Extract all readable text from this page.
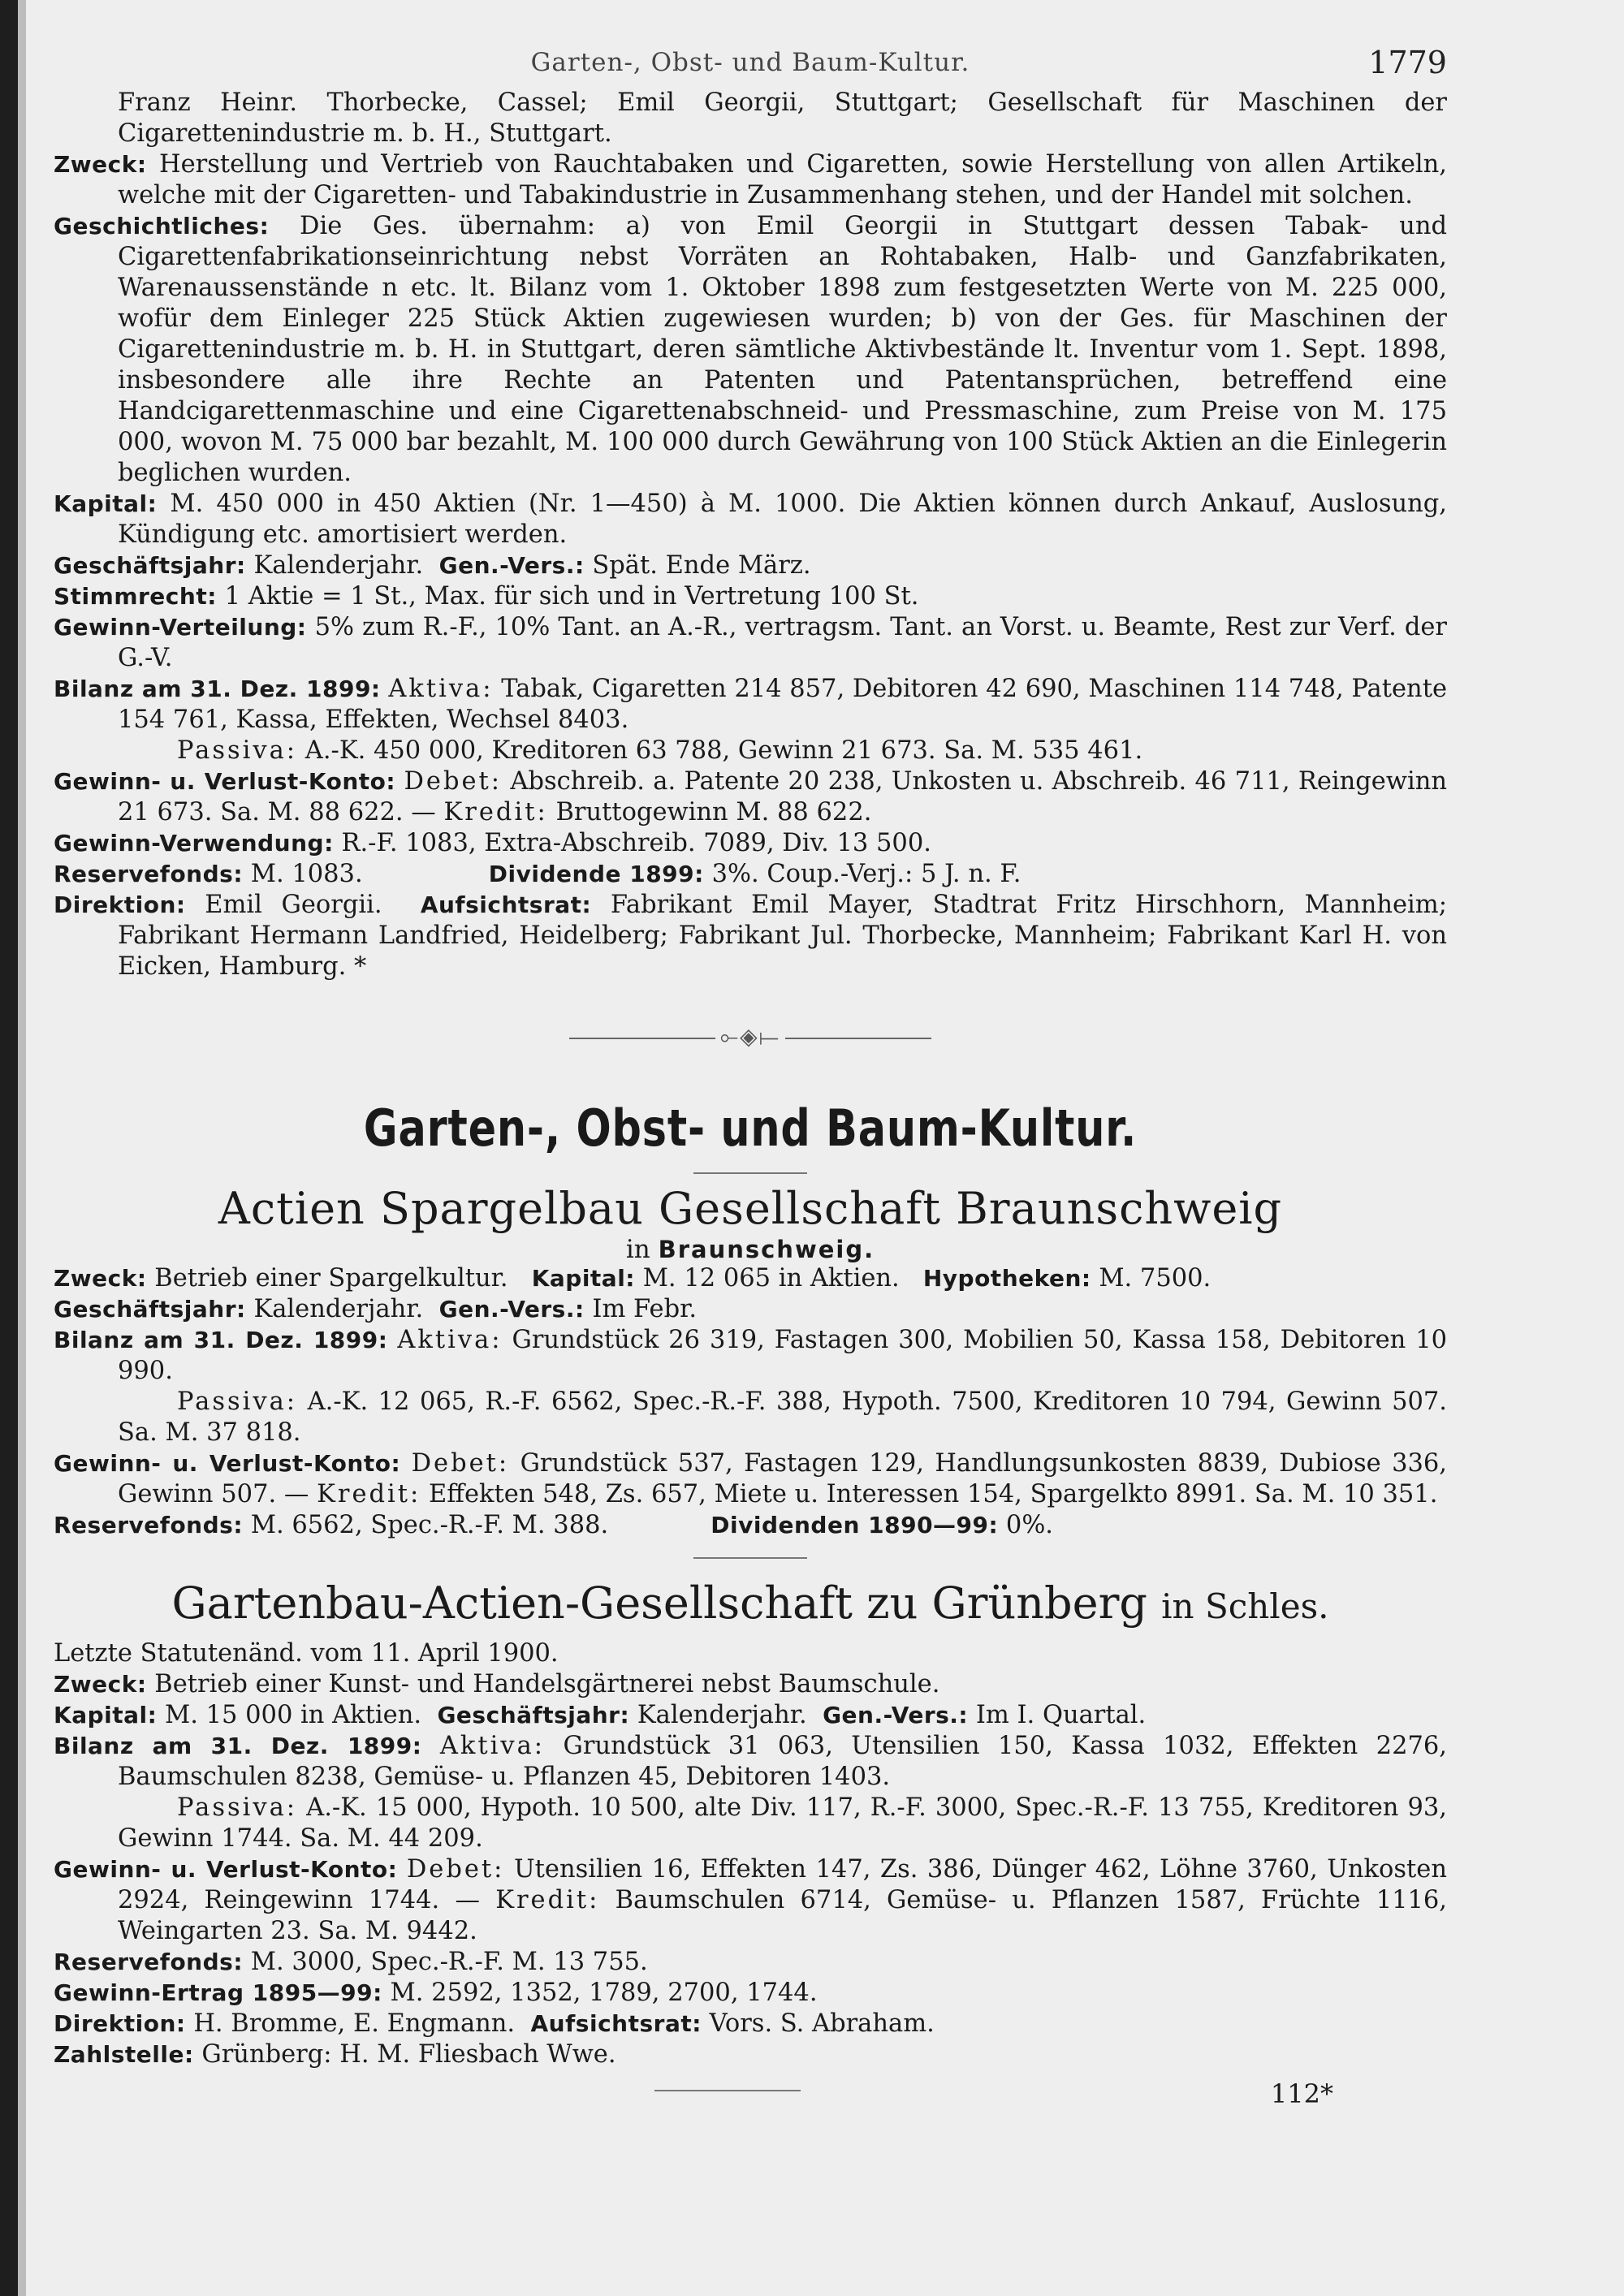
Garten-, Obst- und Baum-Kultur.	1779

Franz Heinr. Thorbecke, Cassel; Emil Georgii, Stuttgart; Gesellschaft für Maschinen der Cigarettenindustrie m. b. H., Stuttgart.

Zweck: Herstellung und Vertrieb von Rauchtabaken und Cigaretten, sowie Herstellung von allen Artikeln, welche mit der Cigaretten- und Tabakindustrie in Zusammenhang stehen, und der Handel mit solchen.

Geschichtliches: Die Ges. übernahm: a) von Emil Georgii in Stuttgart dessen Tabak- und Cigarettenfabrikationseinrichtung nebst Vorräten an Rohtabaken, Halb- und Ganzfabrikaten, Warenaussenstände n etc. lt. Bilanz vom 1. Oktober 1898 zum festgesetzten Werte von M. 225 000, wofür dem Einleger 225 Stück Aktien zugewiesen wurden; b) von der Ges. für Maschinen der Cigarettenindustrie m. b. H. in Stuttgart, deren sämtliche Aktivbestände lt. Inventur vom 1. Sept. 1898, insbesondere alle ihre Rechte an Patenten und Patentansprüchen, betreffend eine Handcigarettenmaschine und eine Cigarettenabschneid- und Pressmaschine, zum Preise von M. 175 000, wovon M. 75 000 bar bezahlt, M. 100 000 durch Gewährung von 100 Stück Aktien an die Einlegerin beglichen wurden.

Kapital: M. 450 000 in 450 Aktien (Nr. 1—450) à M. 1000. Die Aktien können durch Ankauf, Auslosung, Kündigung etc. amortisiert werden.

Geschäftsjahr: Kalenderjahr. Gen.-Vers.: Spät. Ende März.

Stimmrecht: 1 Aktie = 1 St., Max. für sich und in Vertretung 100 St.

Gewinn-Verteilung: 5% zum R.-F., 10% Tant. an A.-R., vertragsm. Tant. an Vorst. u. Beamte, Rest zur Verf. der G.-V.

Bilanz am 31. Dez. 1899: Aktiva: Tabak, Cigaretten 214 857, Debitoren 42 690, Maschinen 114 748, Patente 154 761, Kassa, Effekten, Wechsel 8403.

Passiva: A.-K. 450 000, Kreditoren 63 788, Gewinn 21 673. Sa. M. 535 461.

Gewinn- u. Verlust-Konto: Debet: Abschreib. a. Patente 20 238, Unkosten u. Abschreib. 46 711, Reingewinn 21 673. Sa. M. 88 622. — Kredit: Bruttogewinn M. 88 622.

Gewinn-Verwendung: R.-F. 1083, Extra-Abschreib. 7089, Div. 13 500.

Reservefonds: M. 1083.	Dividende 1899: 3%. Coup.-Verj.: 5 J. n. F.

Direktion: Emil Georgii. Aufsichtsrat: Fabrikant Emil Mayer, Stadtrat Fritz Hirschhorn, Mannheim; Fabrikant Hermann Landfried, Heidelberg; Fabrikant Jul. Thorbecke, Mannheim; Fabrikant Karl H. von Eicken, Hamburg. *

⟜◈⟝
Garten-, Obst- und Baum-Kultur.
Actien Spargelbau Gesellschaft Braunschweig
in Braunschweig.

Zweck: Betrieb einer Spargelkultur. Kapital: M. 12 065 in Aktien. Hypotheken: M. 7500.

Geschäftsjahr: Kalenderjahr. Gen.-Vers.: Im Febr.

Bilanz am 31. Dez. 1899: Aktiva: Grundstück 26 319, Fastagen 300, Mobilien 50, Kassa 158, Debitoren 10 990.

Passiva: A.-K. 12 065, R.-F. 6562, Spec.-R.-F. 388, Hypoth. 7500, Kreditoren 10 794, Gewinn 507. Sa. M. 37 818.

Gewinn- u. Verlust-Konto: Debet: Grundstück 537, Fastagen 129, Handlungsunkosten 8839, Dubiose 336, Gewinn 507. — Kredit: Effekten 548, Zs. 657, Miete u. Interessen 154, Spargelkto 8991. Sa. M. 10 351.

Reservefonds: M. 6562, Spec.-R.-F. M. 388.	Dividenden 1890—99: 0%.

Gartenbau-Actien-Gesellschaft zu Grünberg in Schles.

Letzte Statutenänd. vom 11. April 1900.

Zweck: Betrieb einer Kunst- und Handelsgärtnerei nebst Baumschule.

Kapital: M. 15 000 in Aktien. Geschäftsjahr: Kalenderjahr. Gen.-Vers.: Im I. Quartal.

Bilanz am 31. Dez. 1899: Aktiva: Grundstück 31 063, Utensilien 150, Kassa 1032, Effekten 2276, Baumschulen 8238, Gemüse- u. Pflanzen 45, Debitoren 1403.

Passiva: A.-K. 15 000, Hypoth. 10 500, alte Div. 117, R.-F. 3000, Spec.-R.-F. 13 755, Kreditoren 93, Gewinn 1744. Sa. M. 44 209.

Gewinn- u. Verlust-Konto: Debet: Utensilien 16, Effekten 147, Zs. 386, Dünger 462, Löhne 3760, Unkosten 2924, Reingewinn 1744. — Kredit: Baumschulen 6714, Gemüse- u. Pflanzen 1587, Früchte 1116, Weingarten 23. Sa. M. 9442.

Reservefonds: M. 3000, Spec.-R.-F. M. 13 755.

Gewinn-Ertrag 1895—99: M. 2592, 1352, 1789, 2700, 1744.

Direktion: H. Bromme, E. Engmann. Aufsichtsrat: Vors. S. Abraham.

Zahlstelle: Grünberg: H. M. Fliesbach Wwe.

112*
